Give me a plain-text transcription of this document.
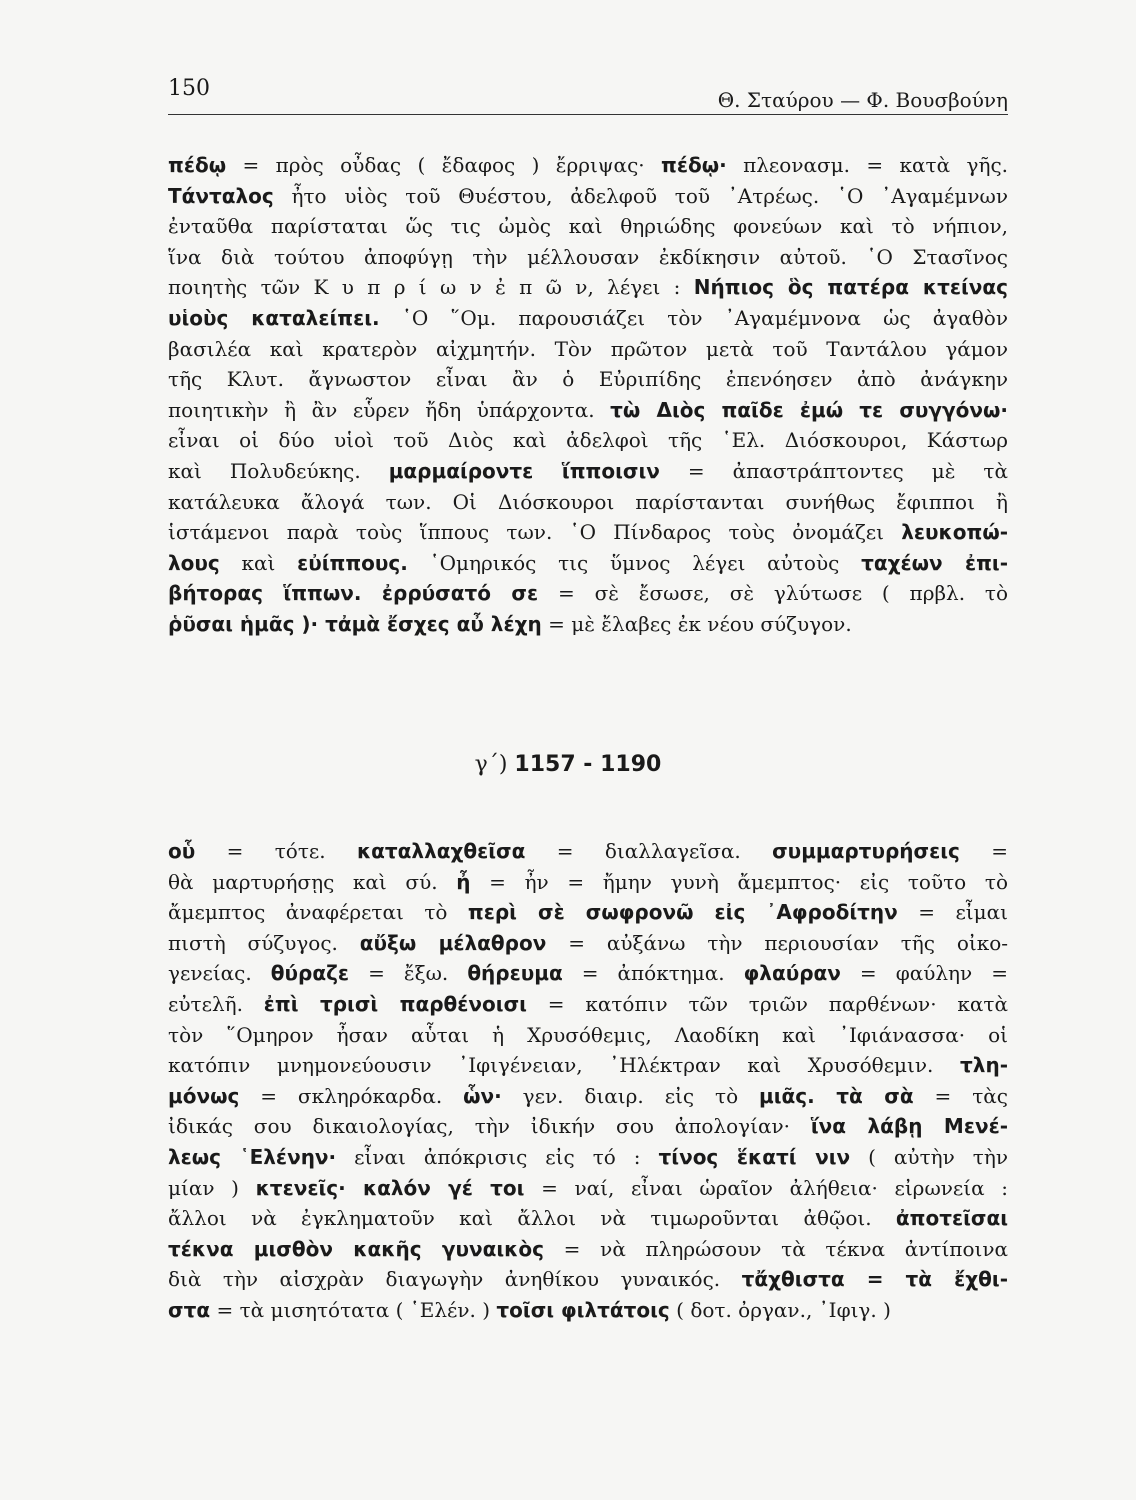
150	Θ. Σταύρου — Φ. Βουσβούνη
πέδῳ = πρὸς οὖδας ( ἔδαφος ) ἔρριψας· πέδῳ· πλεονασμ. = κατὰ γῆς.
Τάνταλος ἦτο υἱὸς τοῦ Θυέστου, ἀδελφοῦ τοῦ ᾿Ατρέως. ῾Ο ᾿Αγαμέμνων
ἐνταῦθα παρίσταται ὥς τις ὠμὸς καὶ θηριώδης φονεύων καὶ τὸ νήπιον,
ἵνα διὰ τούτου ἀποφύγῃ τὴν μέλλουσαν ἐκδίκησιν αὐτοῦ. ῾Ο Στασῖνος
ποιητὴς τῶν Κ υ π ρ ί ω ν ἐ π ῶ ν, λέγει : Νήπιος ὃς πατέρα κτείνας
υἱοὺς καταλείπει. ῾Ο ῞Ομ. παρουσιάζει τὸν ᾿Αγαμέμνονα ὡς ἀγαθὸν
βασιλέα καὶ κρατερὸν αἰχμητήν. Τὸν πρῶτον μετὰ τοῦ Ταντάλου γάμον
τῆς Κλυτ. ἄγνωστον εἶναι ἂν ὁ Εὐριπίδης ἐπενόησεν ἀπὸ ἀνάγκην
ποιητικὴν ἢ ἂν εὗρεν ἤδη ὑπάρχοντα. τὼ Διὸς παῖδε ἐμώ τε συγγόνω·
εἶναι οἱ δύο υἱοὶ τοῦ Διὸς καὶ ἀδελφοὶ τῆς ῾Ελ. Διόσκουροι, Κάστωρ
καὶ Πολυδεύκης. μαρμαίροντε ἵπποισιν = ἀπαστράπτοντες μὲ τὰ
κατάλευκα ἄλογά των. Οἱ Διόσκουροι παρίστανται συνήθως ἔφιπποι ἢ
ἱστάμενοι παρὰ τοὺς ἵππους των. ῾Ο Πίνδαρος τοὺς ὀνομάζει λευκοπώ-
λους καὶ εὐίππους. ῾Ομηρικός τις ὕμνος λέγει αὐτοὺς ταχέων ἐπι-
βήτορας ἵππων. ἐρρύσατό σε = σὲ ἔσωσε, σὲ γλύτωσε ( πρβλ. τὸ
ῥῦσαι ἡμᾶς )· τἀμὰ ἔσχες αὖ λέχη = μὲ ἔλαβες ἐκ νέου σύζυγον.
γ΄) 1157 - 1190
οὗ = τότε. καταλλαχθεῖσα = διαλλαγεῖσα. συμμαρτυρήσεις =
θὰ μαρτυρήσῃς καὶ σύ. ἦ = ἦν = ἤμην γυνὴ ἄμεμπτος· εἰς τοῦτο τὸ
ἄμεμπτος ἀναφέρεται τὸ περὶ σὲ σωφρονῶ εἰς ᾿Αφροδίτην = εἶμαι
πιστὴ σύζυγος. αὔξω μέλαθρον = αὐξάνω τὴν περιουσίαν τῆς οἰκο-
γενείας. θύραζε = ἔξω. θήρευμα = ἀπόκτημα. φλαύραν = φαύλην =
εὐτελῆ. ἐπὶ τρισὶ παρθένοισι = κατόπιν τῶν τριῶν παρθένων· κατὰ
τὸν ῞Ομηρον ἦσαν αὗται ἡ Χρυσόθεμις, Λαοδίκη καὶ ᾿Ιφιάνασσα· οἱ
κατόπιν μνημονεύουσιν ᾿Ιφιγένειαν, ᾿Ηλέκτραν καὶ Χρυσόθεμιν. τλη-
μόνως = σκληρόκαρδα. ὧν· γεν. διαιρ. εἰς τὸ μιᾶς. τὰ σὰ = τὰς
ἰδικάς σου δικαιολογίας, τὴν ἰδικήν σου ἀπολογίαν· ἵνα λάβῃ Μενέ-
λεως ῾Ελένην· εἶναι ἀπόκρισις εἰς τό : τίνος ἕκατί νιν ( αὐτὴν τὴν
μίαν ) κτενεῖς· καλόν γέ τοι = ναί, εἶναι ὡραῖον ἀλήθεια· εἰρωνεία :
ἄλλοι νὰ ἐγκληματοῦν καὶ ἄλλοι νὰ τιμωροῦνται ἀθῷοι. ἀποτεῖσαι
τέκνα μισθὸν κακῆς γυναικὸς = νὰ πληρώσουν τὰ τέκνα ἀντίποινα
διὰ τὴν αἰσχρὰν διαγωγὴν ἀνηθίκου γυναικός. τἄχθιστα = τὰ ἔχθι-
στα = τὰ μισητότατα ( ῾Ελέν. ) τοῖσι φιλτάτοις ( δοτ. ὀργαν., ᾿Ιφιγ. )
